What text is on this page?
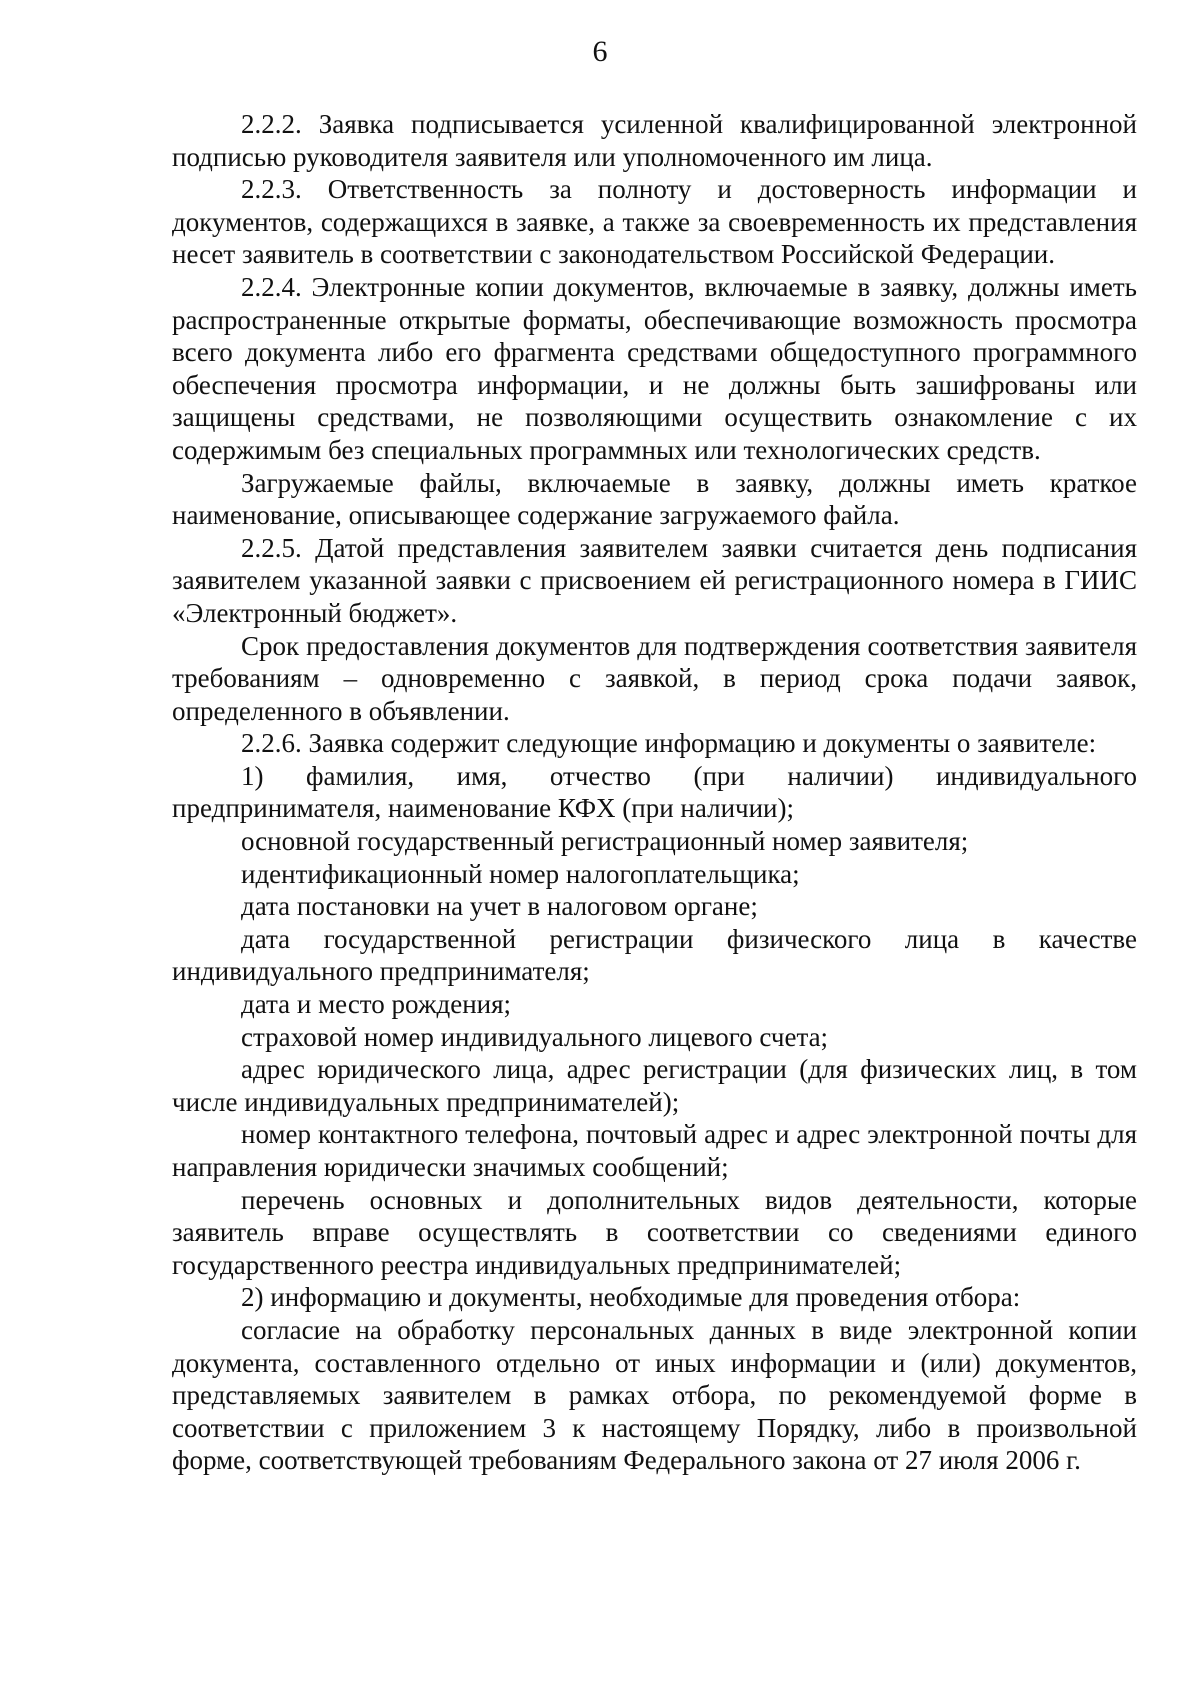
6

2.2.2. Заявка подписывается усиленной квалифицированной электронной подписью руководителя заявителя или уполномоченного им лица.

2.2.3. Ответственность за полноту и достоверность информации и документов, содержащихся в заявке, а также за своевременность их представления несет заявитель в соответствии с законодательством Российской Федерации.

2.2.4. Электронные копии документов, включаемые в заявку, должны иметь распространенные открытые форматы, обеспечивающие возможность просмотра всего документа либо его фрагмента средствами общедоступного программного обеспечения просмотра информации, и не должны быть зашифрованы или защищены средствами, не позволяющими осуществить ознакомление с их содержимым без специальных программных или технологических средств.

Загружаемые файлы, включаемые в заявку, должны иметь краткое наименование, описывающее содержание загружаемого файла.

2.2.5. Датой представления заявителем заявки считается день подписания заявителем указанной заявки с присвоением ей регистрационного номера в ГИИС «Электронный бюджет».

Срок предоставления документов для подтверждения соответствия заявителя требованиям – одновременно с заявкой, в период срока подачи заявок, определенного в объявлении.

2.2.6. Заявка содержит следующие информацию и документы о заявителе:

1) фамилия, имя, отчество (при наличии) индивидуального предпринимателя, наименование КФХ (при наличии);

основной государственный регистрационный номер заявителя;

идентификационный номер налогоплательщика;

дата постановки на учет в налоговом органе;

дата государственной регистрации физического лица в качестве индивидуального предпринимателя;

дата и место рождения;

страховой номер индивидуального лицевого счета;

адрес юридического лица, адрес регистрации (для физических лиц, в том числе индивидуальных предпринимателей);

номер контактного телефона, почтовый адрес и адрес электронной почты для направления юридически значимых сообщений;

перечень основных и дополнительных видов деятельности, которые заявитель вправе осуществлять в соответствии со сведениями единого государственного реестра индивидуальных предпринимателей;

2) информацию и документы, необходимые для проведения отбора:

согласие на обработку персональных данных в виде электронной копии документа, составленного отдельно от иных информации и (или) документов, представляемых заявителем в рамках отбора, по рекомендуемой форме в соответствии с приложением 3 к настоящему Порядку, либо в произвольной форме, соответствующей требованиям Федерального закона от 27 июля 2006 г.
